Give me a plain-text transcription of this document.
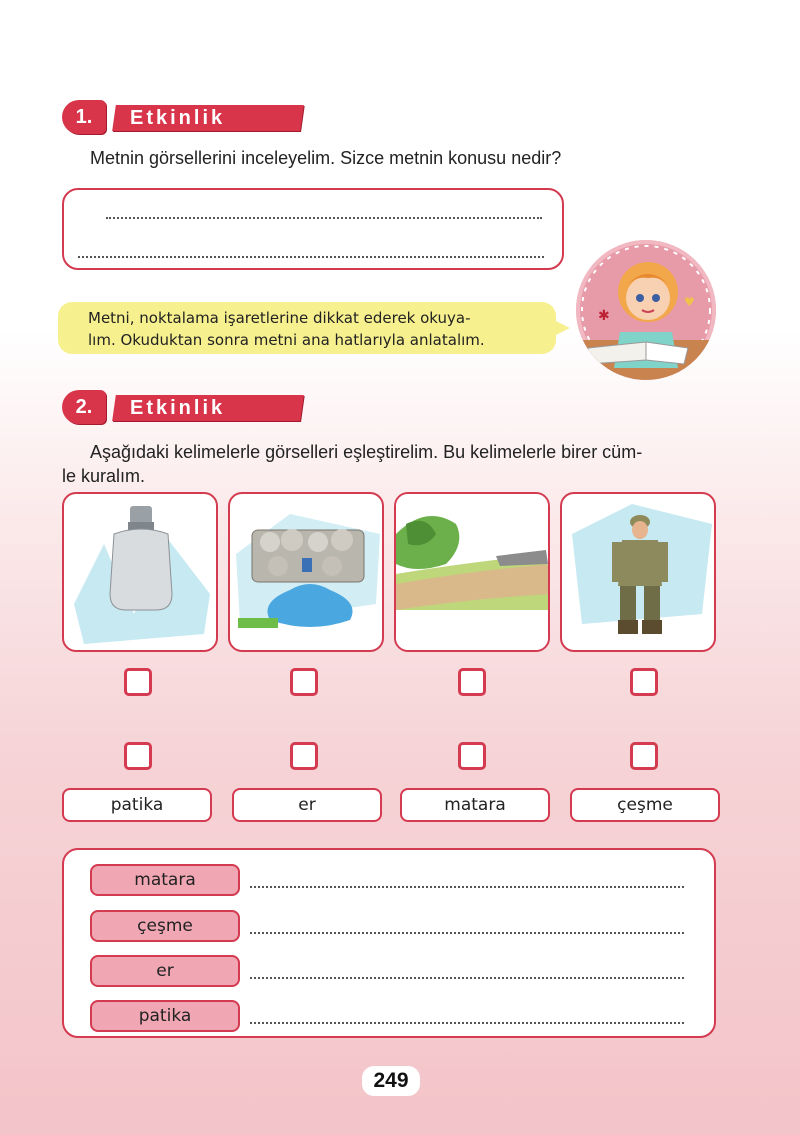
1.	Etkinlik
Metnin görsellerini inceleyelim. Sizce metnin konusu nedir?
Metni, noktalama işaretlerine dikkat ederek okuya-
lım. Okuduktan sonra metni ana hatlarıyla anlatalım.
✱
♥
2.	Etkinlik
Aşağıdaki kelimelerle görselleri eşleştirelim. Bu kelimelerle birer cüm-
le kuralım.
patika	er	matara	çeşme
matara
çeşme
er
patika
249
